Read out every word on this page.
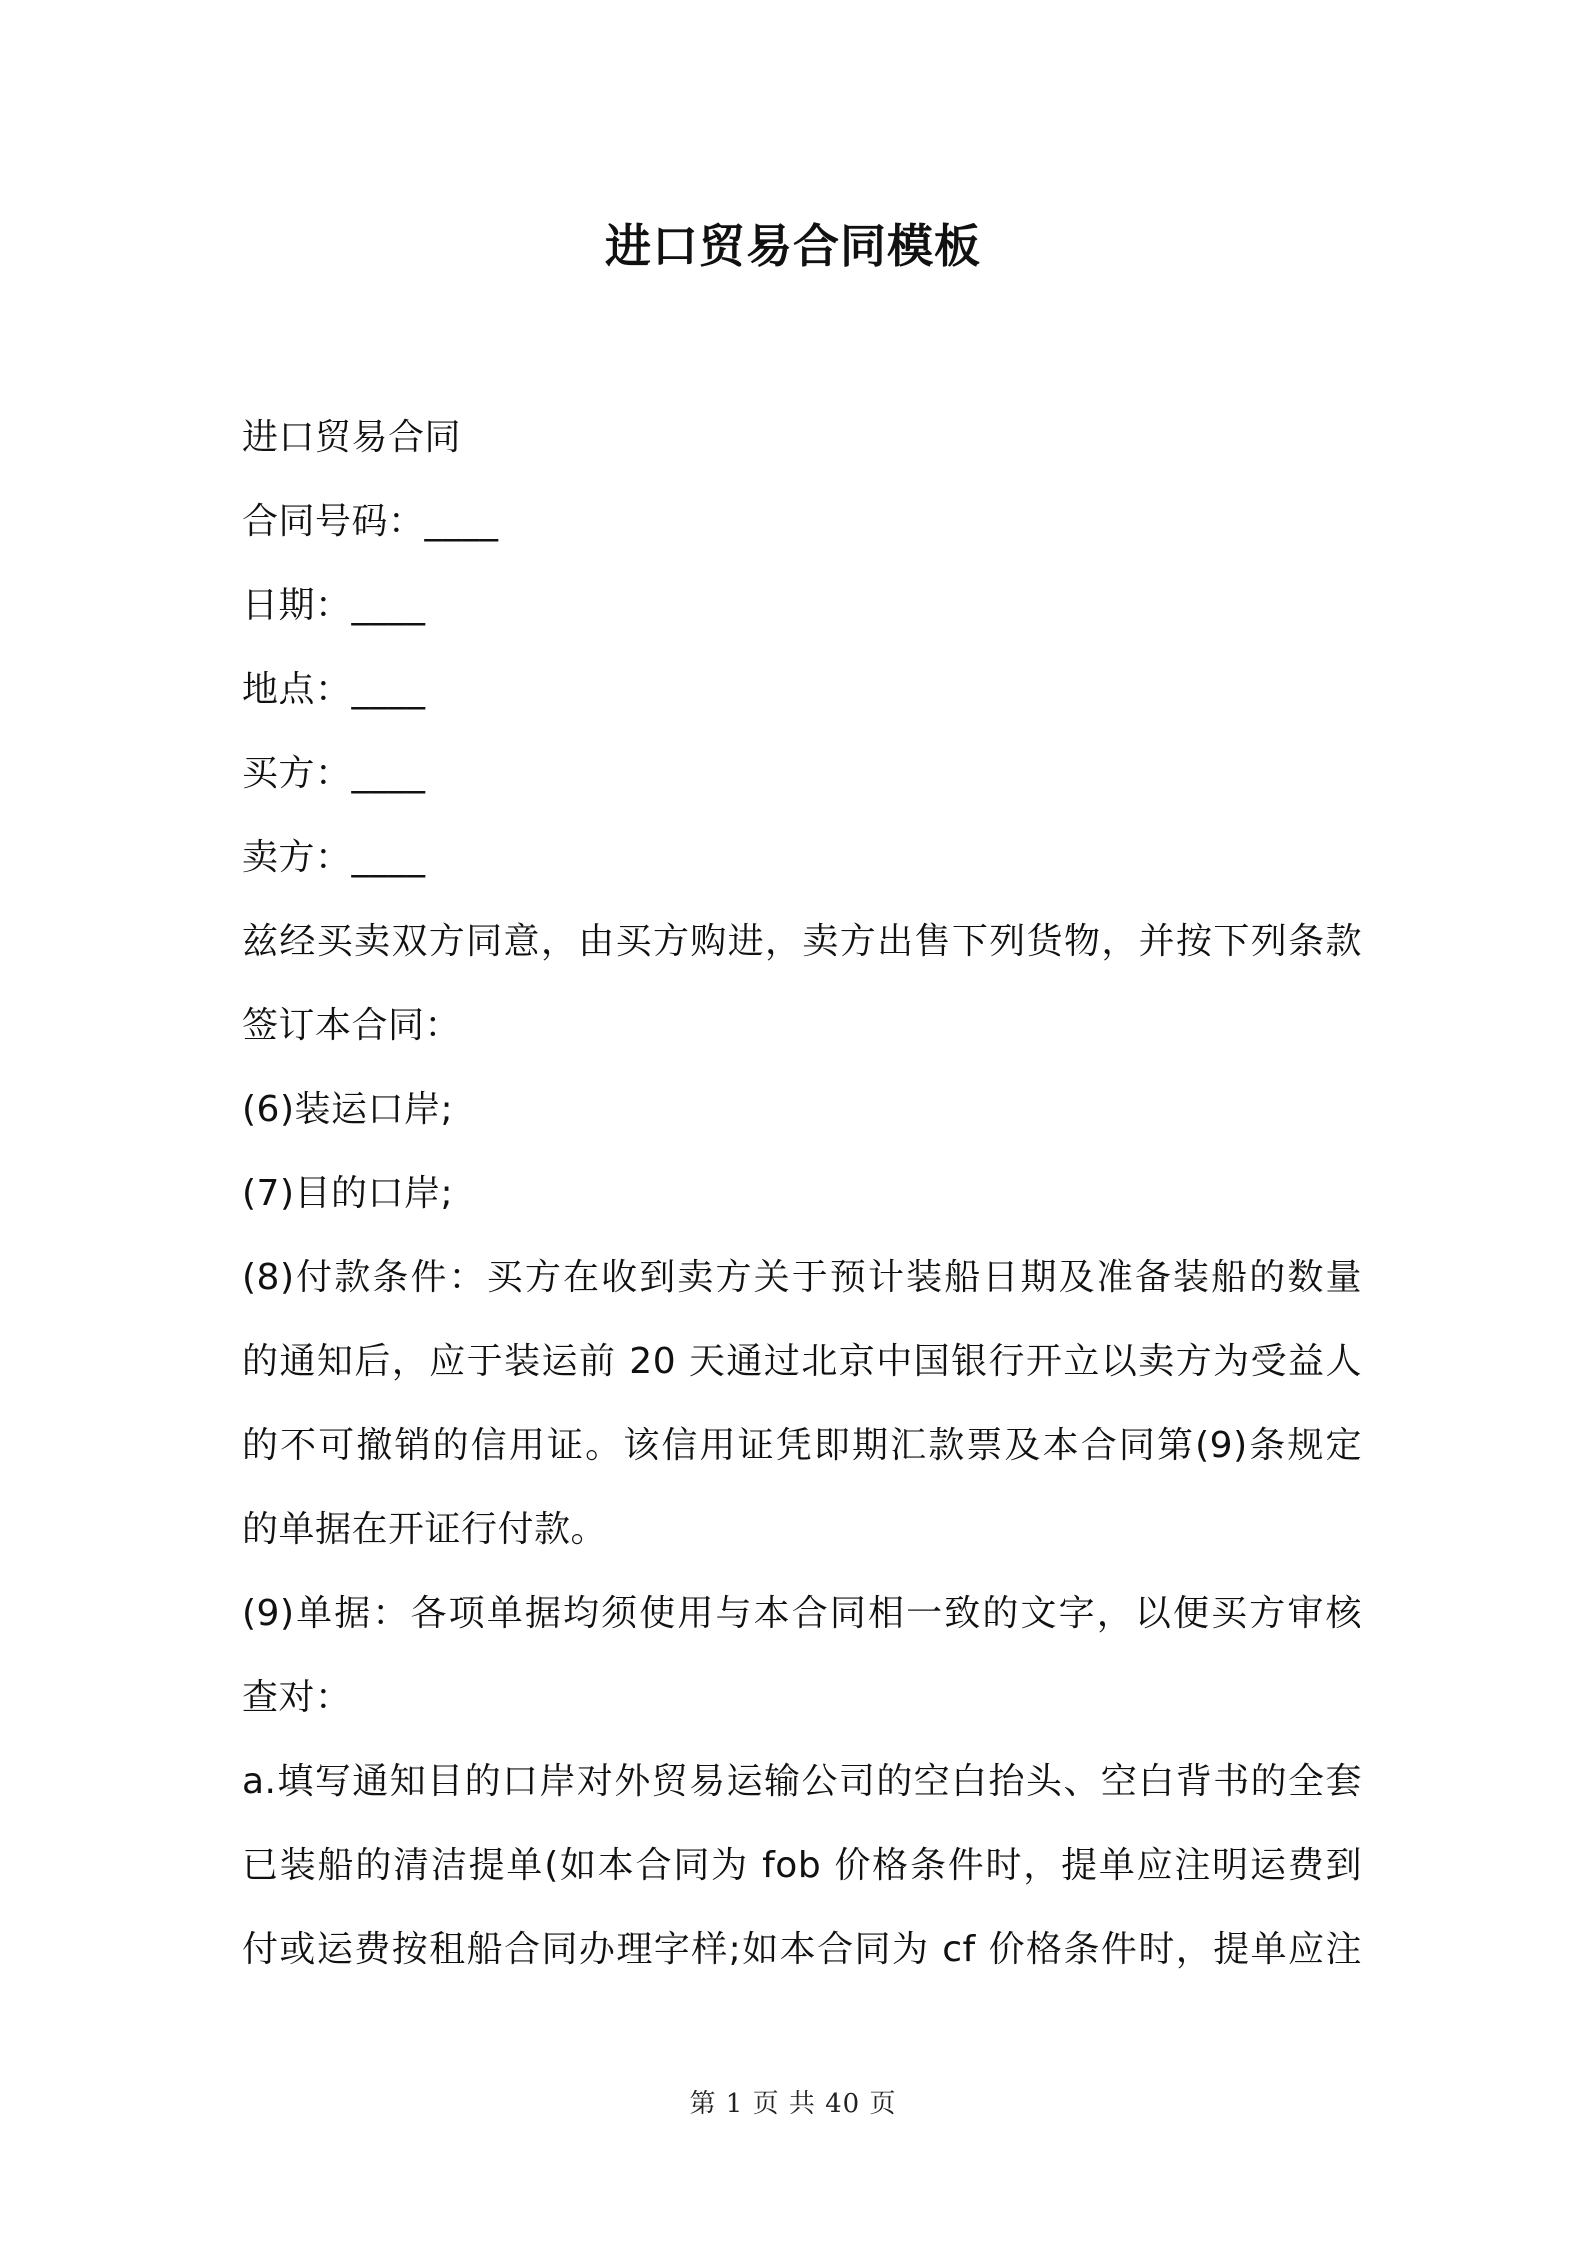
进口贸易合同模板
进口贸易合同
合同号码：____
日期：____
地点：____
买方：____
卖方：____
兹经买卖双方同意，由买方购进，卖方出售下列货物，并按下列条款
签订本合同：
(6)装运口岸;
(7)目的口岸;
(8)付款条件：买方在收到卖方关于预计装船日期及准备装船的数量
的通知后，应于装运前 20 天通过北京中国银行开立以卖方为受益人
的不可撤销的信用证。该信用证凭即期汇款票及本合同第(9)条规定
的单据在开证行付款。
(9)单据：各项单据均须使用与本合同相一致的文字，以便买方审核
查对：
a.填写通知目的口岸对外贸易运输公司的空白抬头、空白背书的全套
已装船的清洁提单(如本合同为 fob 价格条件时，提单应注明运费到
付或运费按租船合同办理字样;如本合同为 cf 价格条件时，提单应注
第 1 页 共 40 页
